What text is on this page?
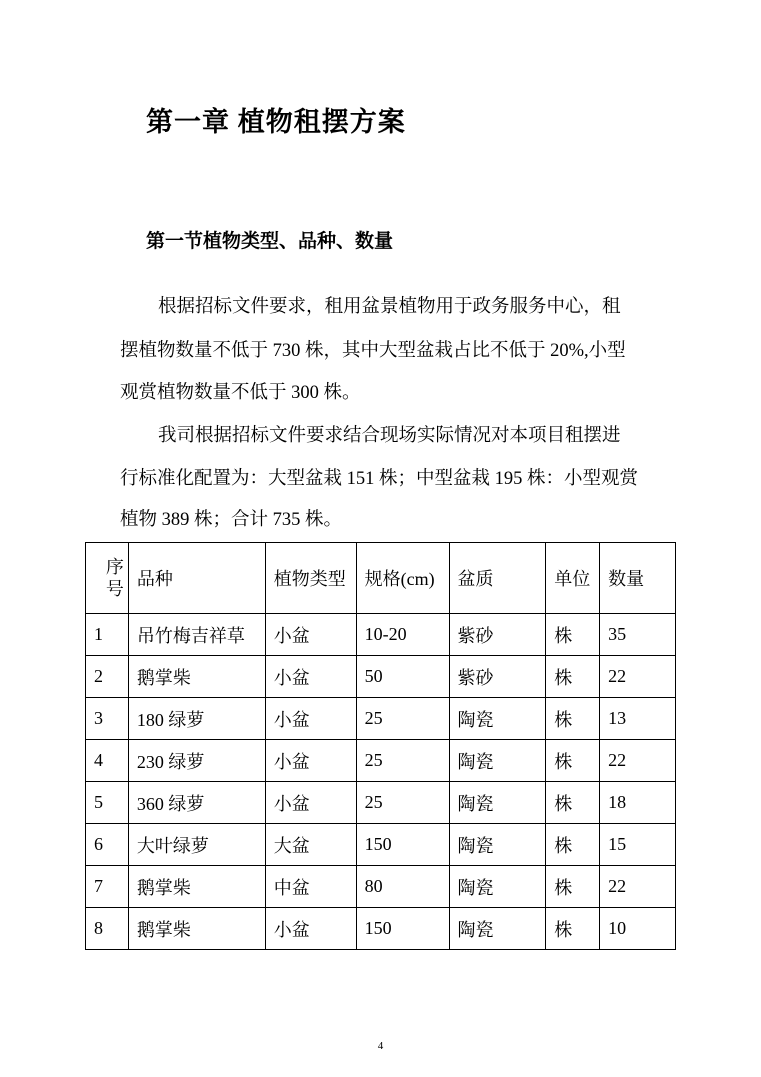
第一章 植物租摆方案
第一节植物类型、品种、数量
根据招标文件要求，租用盆景植物用于政务服务中心，租
摆植物数量不低于 730 株，其中大型盆栽占比不低于 20%,小型
观赏植物数量不低于 300 株。
我司根据招标文件要求结合现场实际情况对本项目租摆进
行标准化配置为：大型盆栽 151 株；中型盆栽 195 株：小型观赏
植物 389 株；合计 735 株。
序
号	品种	植物类型	规格(cm)	盆质	单位	数量
1	吊竹梅吉祥草	小盆	10-20	紫砂	株	35
2	鹅掌柴	小盆	50	紫砂	株	22
3	180 绿萝	小盆	25	陶瓷	株	13
4	230 绿萝	小盆	25	陶瓷	株	22
5	360 绿萝	小盆	25	陶瓷	株	18
6	大叶绿萝	大盆	150	陶瓷	株	15
7	鹅掌柴	中盆	80	陶瓷	株	22
8	鹅掌柴	小盆	150	陶瓷	株	10
4
